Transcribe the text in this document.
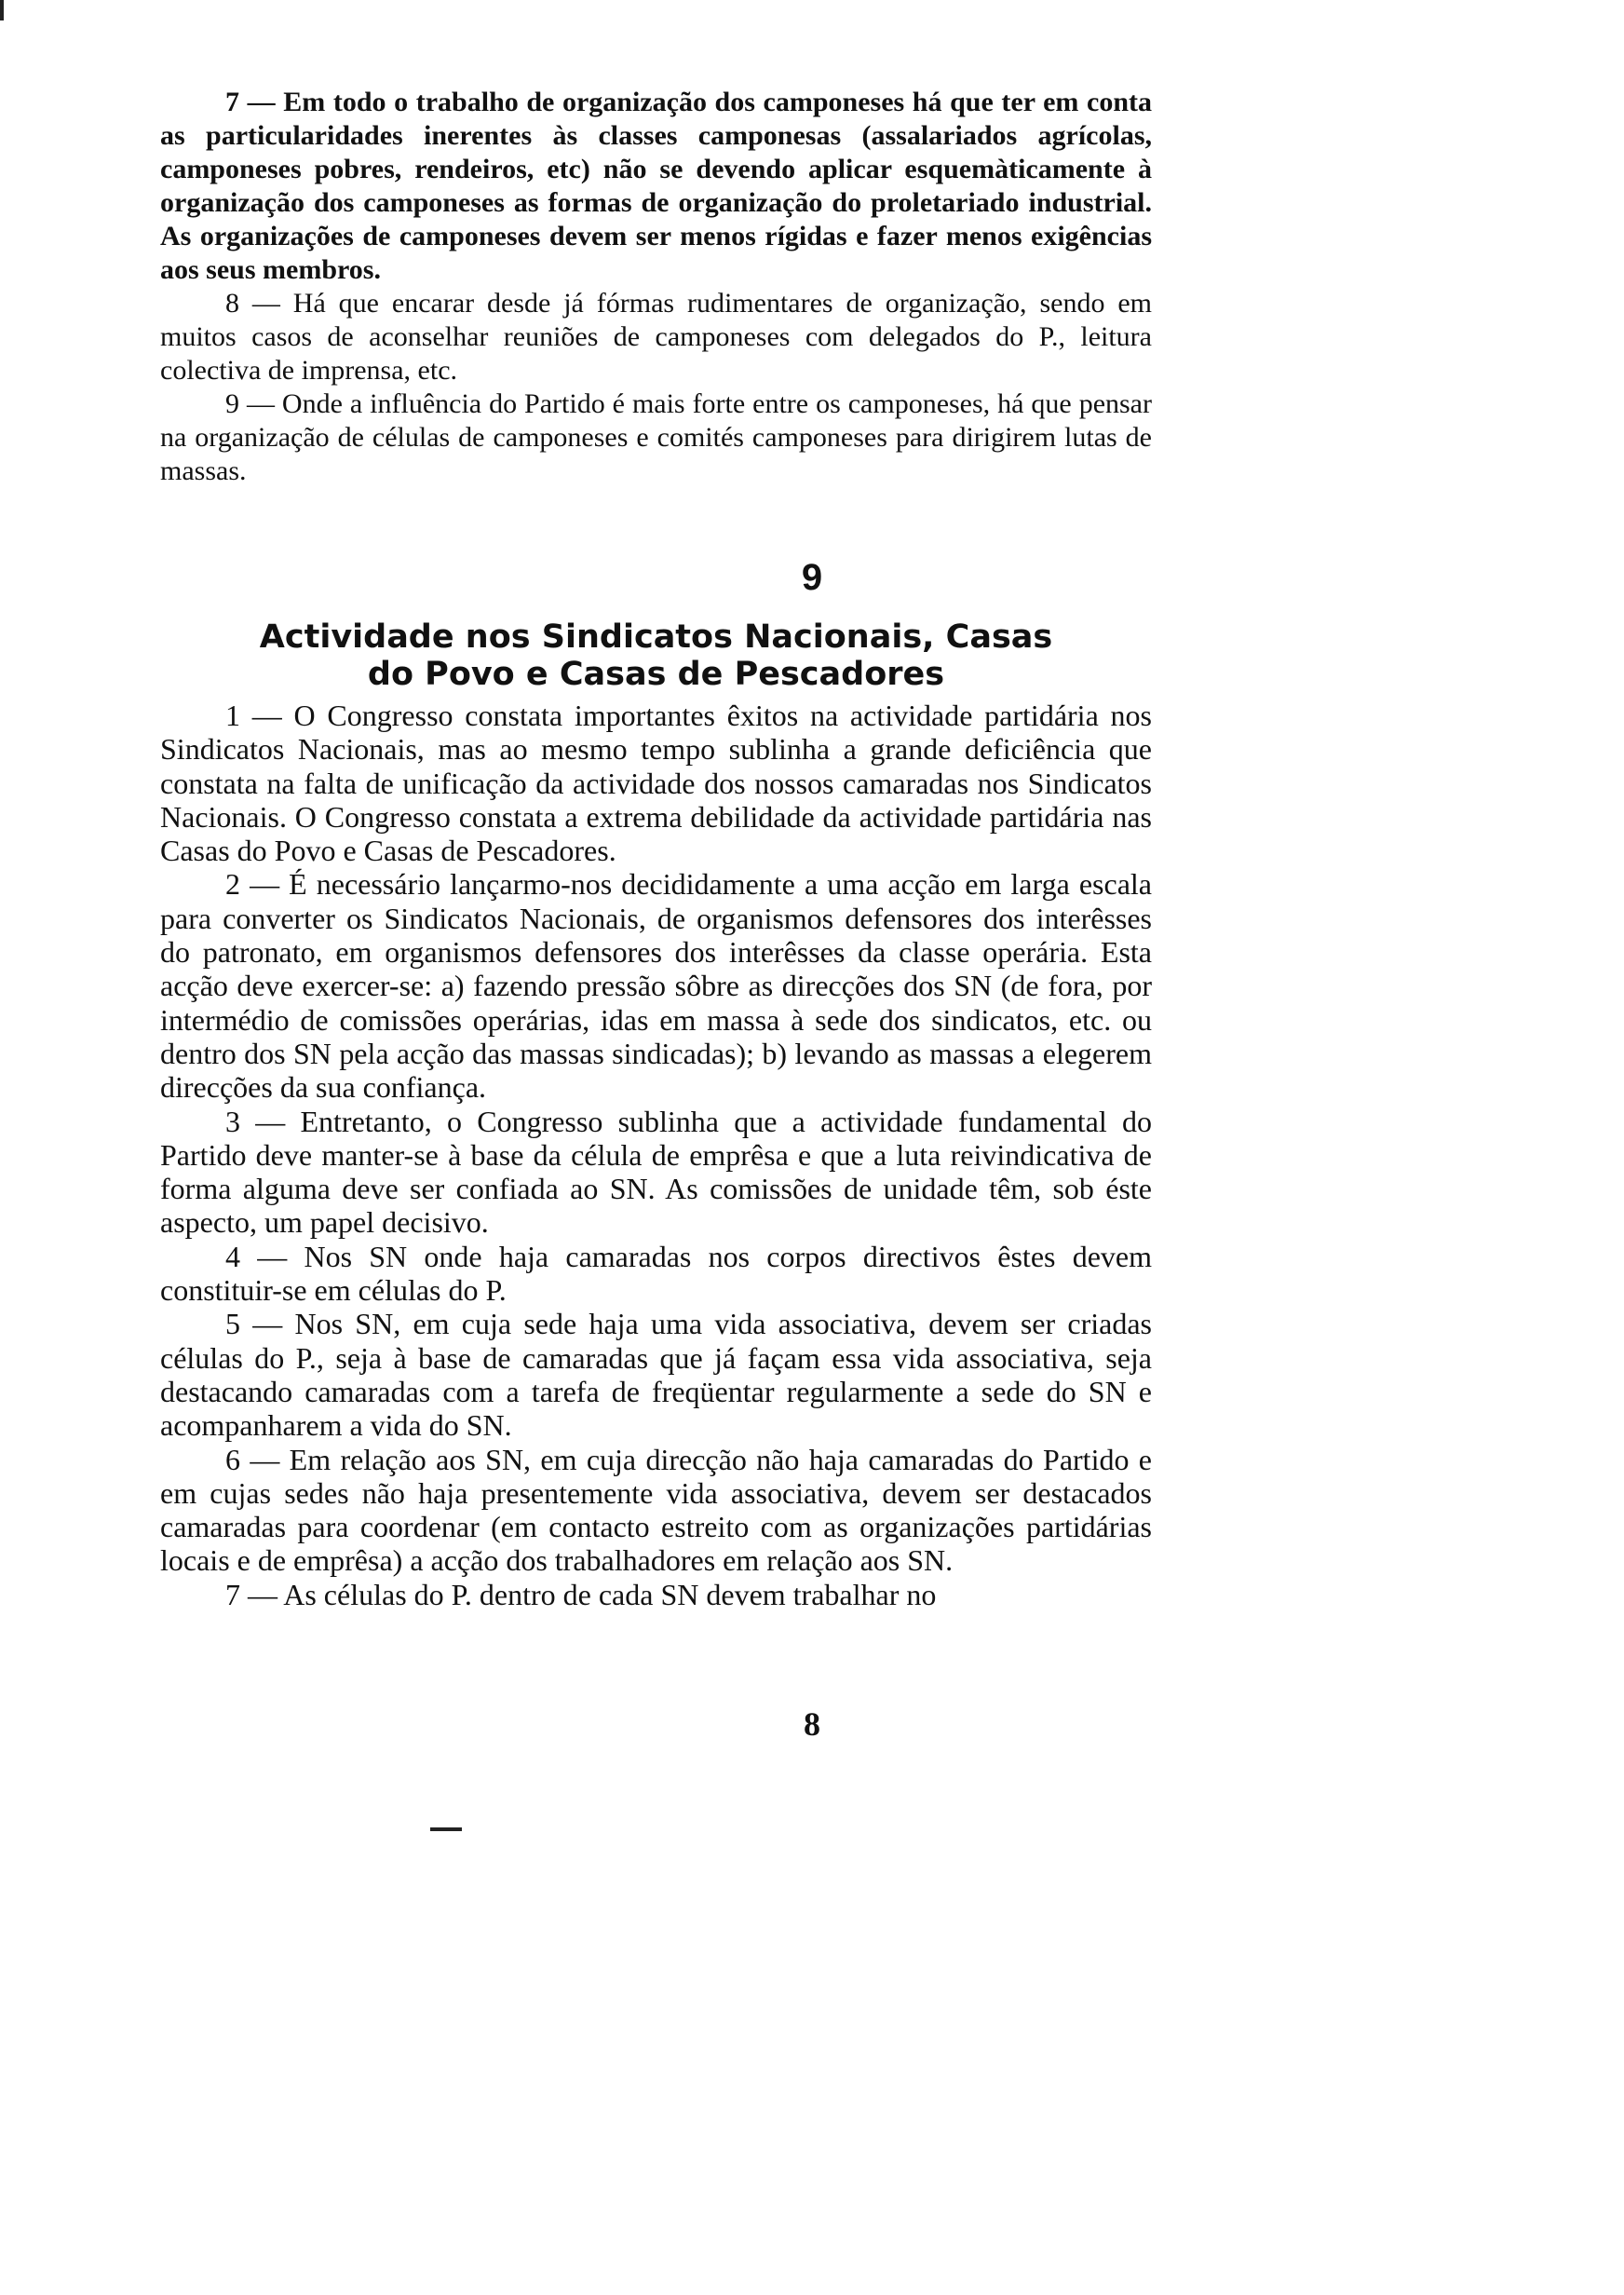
7 — Em todo o trabalho de organização dos camponeses há que ter em conta as particularidades inerentes às classes camponesas (assalariados agrícolas, camponeses pobres, rendeiros, etc) não se devendo aplicar esquemàticamente à organização dos camponeses as formas de organização do proletariado industrial. As organizações de camponeses devem ser menos rígidas e fazer menos exigências aos seus membros.

8 — Há que encarar desde já fórmas rudimentares de organização, sendo em muitos casos de aconselhar reuniões de camponeses com delegados do P., leitura colectiva de imprensa, etc.

9 — Onde a influência do Partido é mais forte entre os camponeses, há que pensar na organização de células de camponeses e comités camponeses para dirigirem lutas de massas.

9
Actividade nos Sindicatos Nacionais, Casas
do Povo e Casas de Pescadores

1 — O Congresso constata importantes êxitos na actividade partidária nos Sindicatos Nacionais, mas ao mesmo tempo sublinha a grande deficiência que constata na falta de unificação da actividade dos nossos camaradas nos Sindicatos Nacionais. O Congresso constata a extrema debilidade da actividade partidária nas Casas do Povo e Casas de Pescadores.

2 — É necessário lançarmo-nos decididamente a uma acção em larga escala para converter os Sindicatos Nacionais, de organismos defensores dos interêsses do patronato, em organismos defensores dos interêsses da classe operária. Esta acção deve exercer-se: a) fazendo pressão sôbre as direcções dos SN (de fora, por intermédio de comissões operárias, idas em massa à sede dos sindicatos, etc. ou dentro dos SN pela acção das massas sindicadas); b) levando as massas a elegerem direcções da sua confiança.

3 — Entretanto, o Congresso sublinha que a actividade fundamental do Partido deve manter-se à base da célula de emprêsa e que a luta reivindicativa de forma alguma deve ser confiada ao SN. As comissões de unidade têm, sob éste aspecto, um papel decisivo.

4 — Nos SN onde haja camaradas nos corpos directivos êstes devem constituir-se em células do P.

5 — Nos SN, em cuja sede haja uma vida associativa, devem ser criadas células do P., seja à base de camaradas que já façam essa vida associativa, seja destacando camaradas com a tarefa de freqüentar regularmente a sede do SN e acompanharem a vida do SN.

6 — Em relação aos SN, em cuja direcção não haja camaradas do Partido e em cujas sedes não haja presentemente vida associativa, devem ser destacados camaradas para coordenar (em contacto estreito com as organizações partidárias locais e de emprêsa) a acção dos trabalhadores em relação aos SN.

7 — As células do P. dentro de cada SN devem trabalhar no

8
